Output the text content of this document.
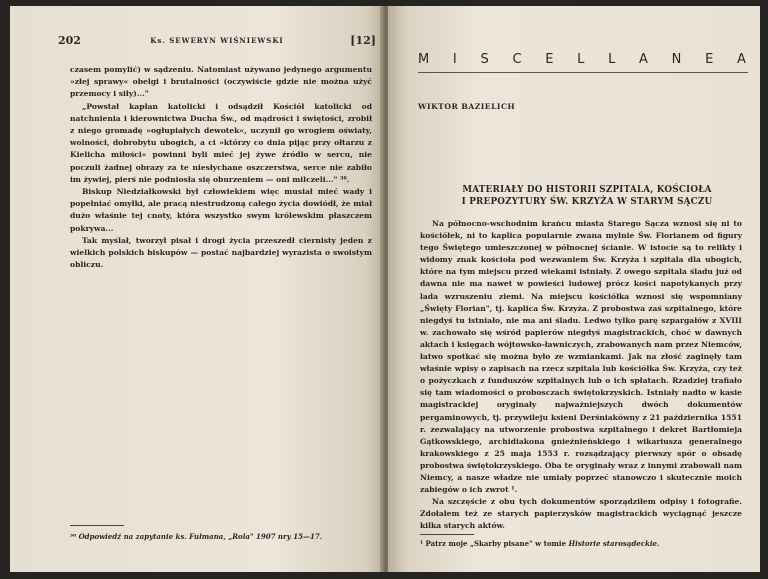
202	Ks. SEWERYN WIŚNIEWSKI	[12]

czasem pomylić) w sądzeniu. Natomiast używano jedynego argumentu »złej sprawy« obelgi i brutalności (oczywiście gdzie nie można użyć przemocy i siły)..."

„Powstał kapłan katolicki i odsądził Kościół katolicki od natchnienia i kierownictwa Ducha Św., od mądrości i świętości, zrobił z niego gromadę »ogłupiałych dewotek«, uczynił go wrogiem oświaty, wolności, dobrobytu ubogich, a ci »którzy co dnia pijąc przy ołtarzu z Kielicha miłości« powinni byli mieć jej żywe źródło w sercu, nie poczuli żadnej obrazy za te niesłychane oszczerstwa, serce nie zabiło im żywiej, pierś nie podniosła się oburzeniem — oni milczeli..." ³⁸.

Biskup Niedziałkowski był człowiekiem więc musiał mieć wady i popełniać omyłki, ale pracą niestrudzoną całego życia dowiódł, że miał dużo właśnie tej cnoty, która wszystko swym królewskim płaszczem pokrywa...

Tak myślał, tworzył pisał i drogi życia przeszedł ciernisty jeden z wielkich polskich biskupów — postać najbardziej wyrazista o swoistym obliczu.

³⁸ Odpowiedź na zapytanie ks. Fulmana, „Rola" 1907 nry 15—17.
M I S C E L L A N E A
WIKTOR BAZIELICH
MATERIAŁY DO HISTORII SZPITALA, KOŚCIOŁA
I PREPOZYTURY ŚW. KRZYŻA W STARYM SĄCZU

Na północno-wschodnim krańcu miasta Starego Sącza wznosi się ni to kościółek, ni to kaplica popularnie zwana mylnie Św. Florianem od figury tego Świętego umieszczonej w północnej ścianie. W istocie są to relikty i widomy znak kościoła pod wezwaniem Św. Krzyża i szpitala dla ubogich, które na tym miejscu przed wiekami istniały. Z owego szpitala śladu już od dawna nie ma nawet w powieści ludowej prócz kości napotykanych przy lada wzruszeniu ziemi. Na miejscu kościółka wznosi się wspomniany „Święty Florian", tj. kaplica Św. Krzyża. Z probostwa zaś szpitalnego, które niegdyś tu istniało, nie ma ani śladu. Ledwo tylko parę szpargałów z XVIII w. zachowało się wśród papierów niegdyś magistrackich, choć w dawnych aktach i księgach wójtowsko-ławniczych, zrabowanych nam przez Niemców, łatwo spotkać się można było ze wzmiankami. Jak na złość zaginęły tam właśnie wpisy o zapisach na rzecz szpitala lub kościółka Św. Krzyża, czy też o pożyczkach z funduszów szpitalnych lub o ich spłatach. Rzadziej trafiało się tam wiadomości o probosczach świętokrzyskich. Istniały nadto w kasie magistrackiej oryginały najważniejszych dwóch dokumentów pergaminowych, tj. przywileju ksieni Derśniakówny z 21 października 1551 r. zezwalający na utworzenie probostwa szpitalnego i dekret Bartłomieja Gątkowskiego, archidiakona gnieźnieńskiego i wikariusza generalnego krakowskiego z 25 maja 1553 r. rozsądzający pierwszy spór o obsadę probostwa świętokrzyskiego. Oba te oryginały wraz z innymi zrabowali nam Niemcy, a nasze władze nie umiały poprzeć stanowczo i skutecznie moich zabiegów o ich zwrot ¹.

Na szczęście z obu tych dokumentów sporządziłem odpisy i fotografie. Zdołałem też ze starych papierzysków magistrackich wyciągnąć jeszcze kilka starych aktów.

¹ Patrz moje „Skarby pisane" w tomie Historie starosądeckie.
